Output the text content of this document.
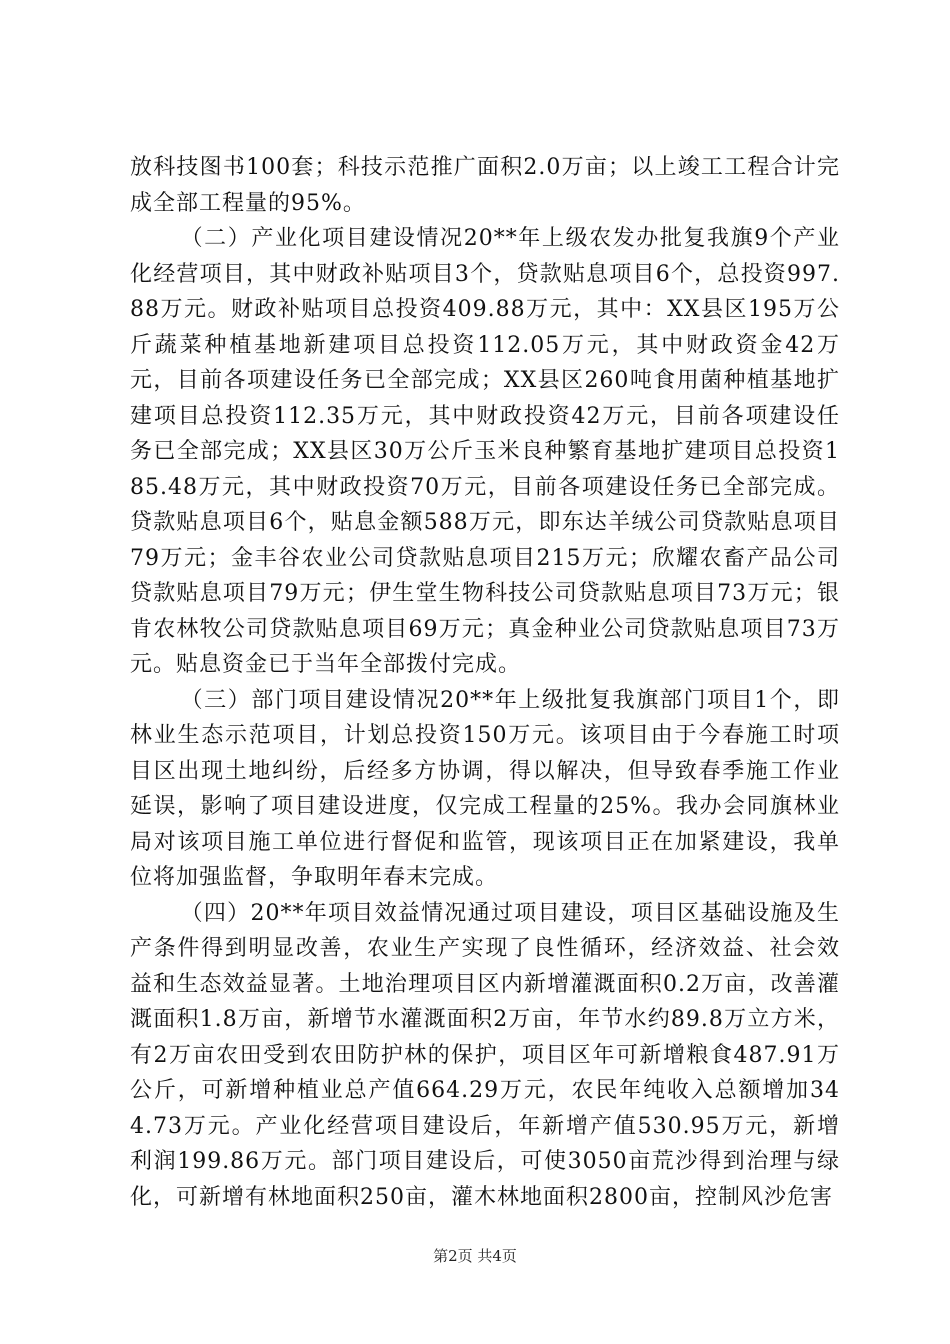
放科技图书100套；科技示范推广面积2.0万亩；以上竣工工程合计完成全部工程量的95%。

（二）产业化项目建设情况20**年上级农发办批复我旗9个产业化经营项目，其中财政补贴项目3个，贷款贴息项目6个，总投资997.88万元。财政补贴项目总投资409.88万元，其中：XX县区195万公斤蔬菜种植基地新建项目总投资112.05万元，其中财政资金42万元，目前各项建设任务已全部完成；XX县区260吨食用菌种植基地扩建项目总投资112.35万元，其中财政投资42万元，目前各项建设任务已全部完成；XX县区30万公斤玉米良种繁育基地扩建项目总投资185.48万元，其中财政投资70万元，目前各项建设任务已全部完成。贷款贴息项目6个，贴息金额588万元，即东达羊绒公司贷款贴息项目79万元；金丰谷农业公司贷款贴息项目215万元；欣耀农畜产品公司贷款贴息项目79万元；伊生堂生物科技公司贷款贴息项目73万元；银肯农林牧公司贷款贴息项目69万元；真金种业公司贷款贴息项目73万元。贴息资金已于当年全部拨付完成。

（三）部门项目建设情况20**年上级批复我旗部门项目1个，即林业生态示范项目，计划总投资150万元。该项目由于今春施工时项目区出现土地纠纷，后经多方协调，得以解决，但导致春季施工作业延误，影响了项目建设进度，仅完成工程量的25%。我办会同旗林业局对该项目施工单位进行督促和监管，现该项目正在加紧建设，我单位将加强监督，争取明年春末完成。

（四）20**年项目效益情况通过项目建设，项目区基础设施及生产条件得到明显改善，农业生产实现了良性循环，经济效益、社会效益和生态效益显著。土地治理项目区内新增灌溉面积0.2万亩，改善灌溉面积1.8万亩，新增节水灌溉面积2万亩，年节水约89.8万立方米，有2万亩农田受到农田防护林的保护，项目区年可新增粮食487.91万公斤，可新增种植业总产值664.29万元，农民年纯收入总额增加344.73万元。产业化经营项目建设后，年新增产值530.95万元，新增利润199.86万元。部门项目建设后，可使3050亩荒沙得到治理与绿化，可新增有林地面积250亩，灌木林地面积2800亩，控制风沙危害

第2页 共4页
